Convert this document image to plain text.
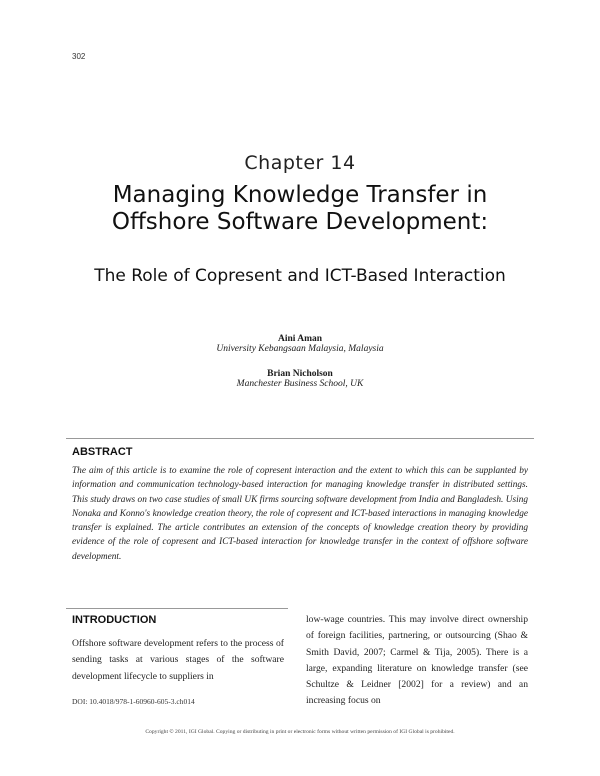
302
Chapter 14
Managing Knowledge Transfer in Offshore Software Development:
The Role of Copresent and ICT-Based Interaction
Aini Aman
University Kebangsaan Malaysia, Malaysia
Brian Nicholson
Manchester Business School, UK
ABSTRACT
The aim of this article is to examine the role of copresent interaction and the extent to which this can be supplanted by information and communication technology-based interaction for managing knowledge transfer in distributed settings. This study draws on two case studies of small UK firms sourcing software development from India and Bangladesh. Using Nonaka and Konno's knowledge creation theory, the role of copresent and ICT-based interactions in managing knowledge transfer is explained. The article contributes an extension of the concepts of knowledge creation theory by providing evidence of the role of copresent and ICT-based interaction for knowledge transfer in the context of offshore software development.
INTRODUCTION
Offshore software development refers to the process of sending tasks at various stages of the software development lifecycle to suppliers in
low-wage countries. This may involve direct ownership of foreign facilities, partnering, or outsourcing (Shao & Smith David, 2007; Carmel & Tija, 2005). There is a large, expanding literature on knowledge transfer (see Schultze & Leidner [2002] for a review) and an increasing focus on
DOI: 10.4018/978-1-60960-605-3.ch014
Copyright © 2011, IGI Global. Copying or distributing in print or electronic forms without written permission of IGI Global is prohibited.
